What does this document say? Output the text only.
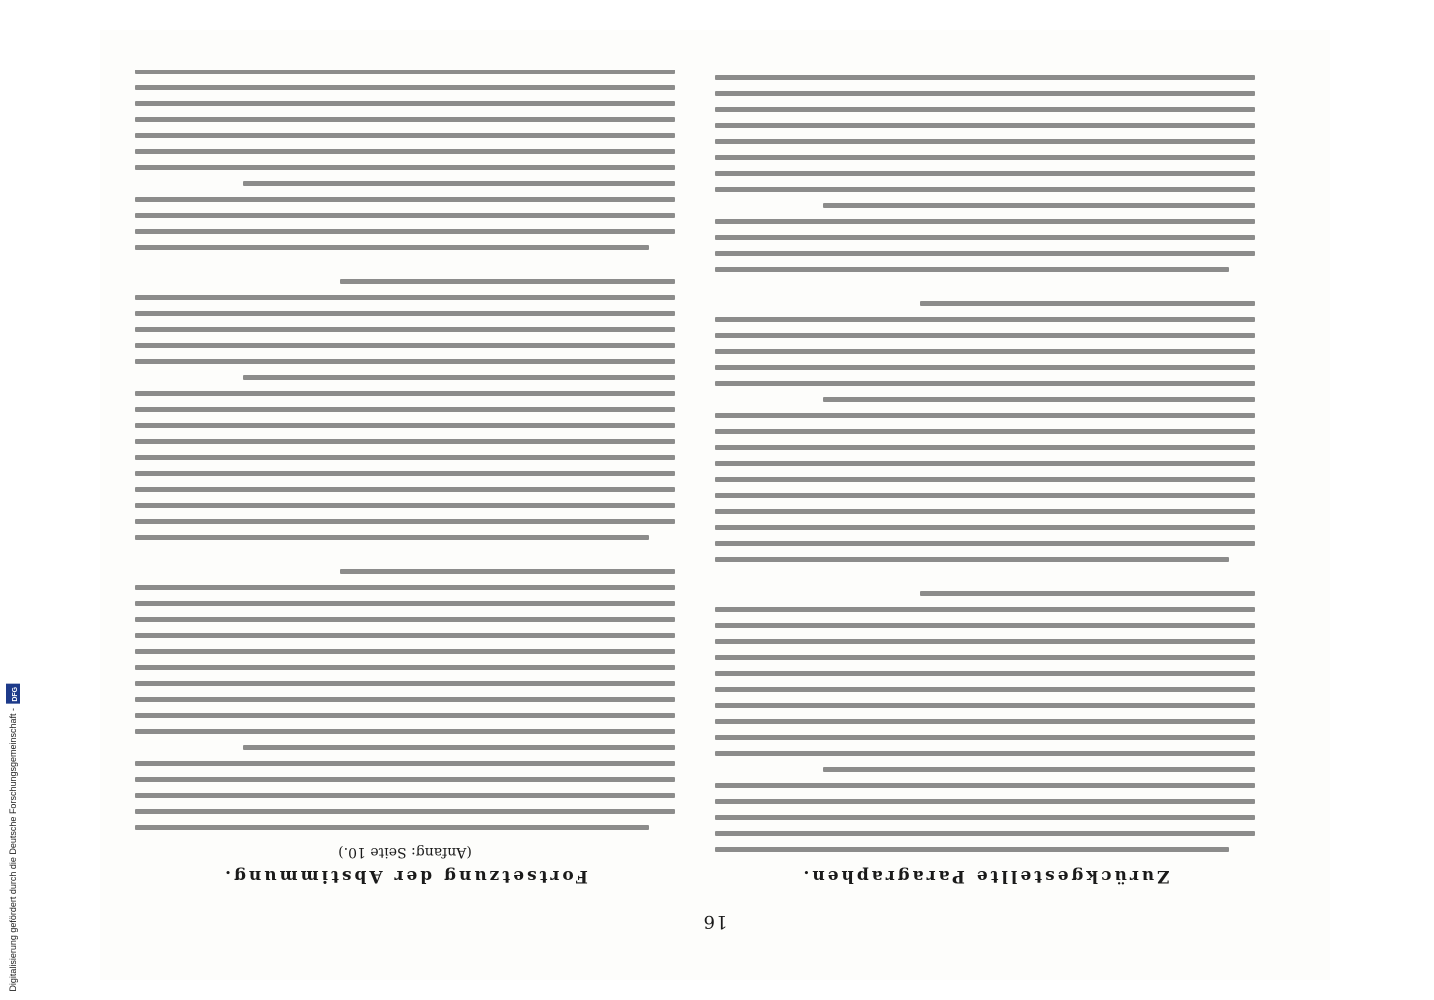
16
Zurückgestellte Paragraphen.
Fortsetzung der Abstimmung.
(Anfang: Seite 10.)
Digitalisierung gefördert durch die Deutsche Forschungsgemeinschaft -
DFG
